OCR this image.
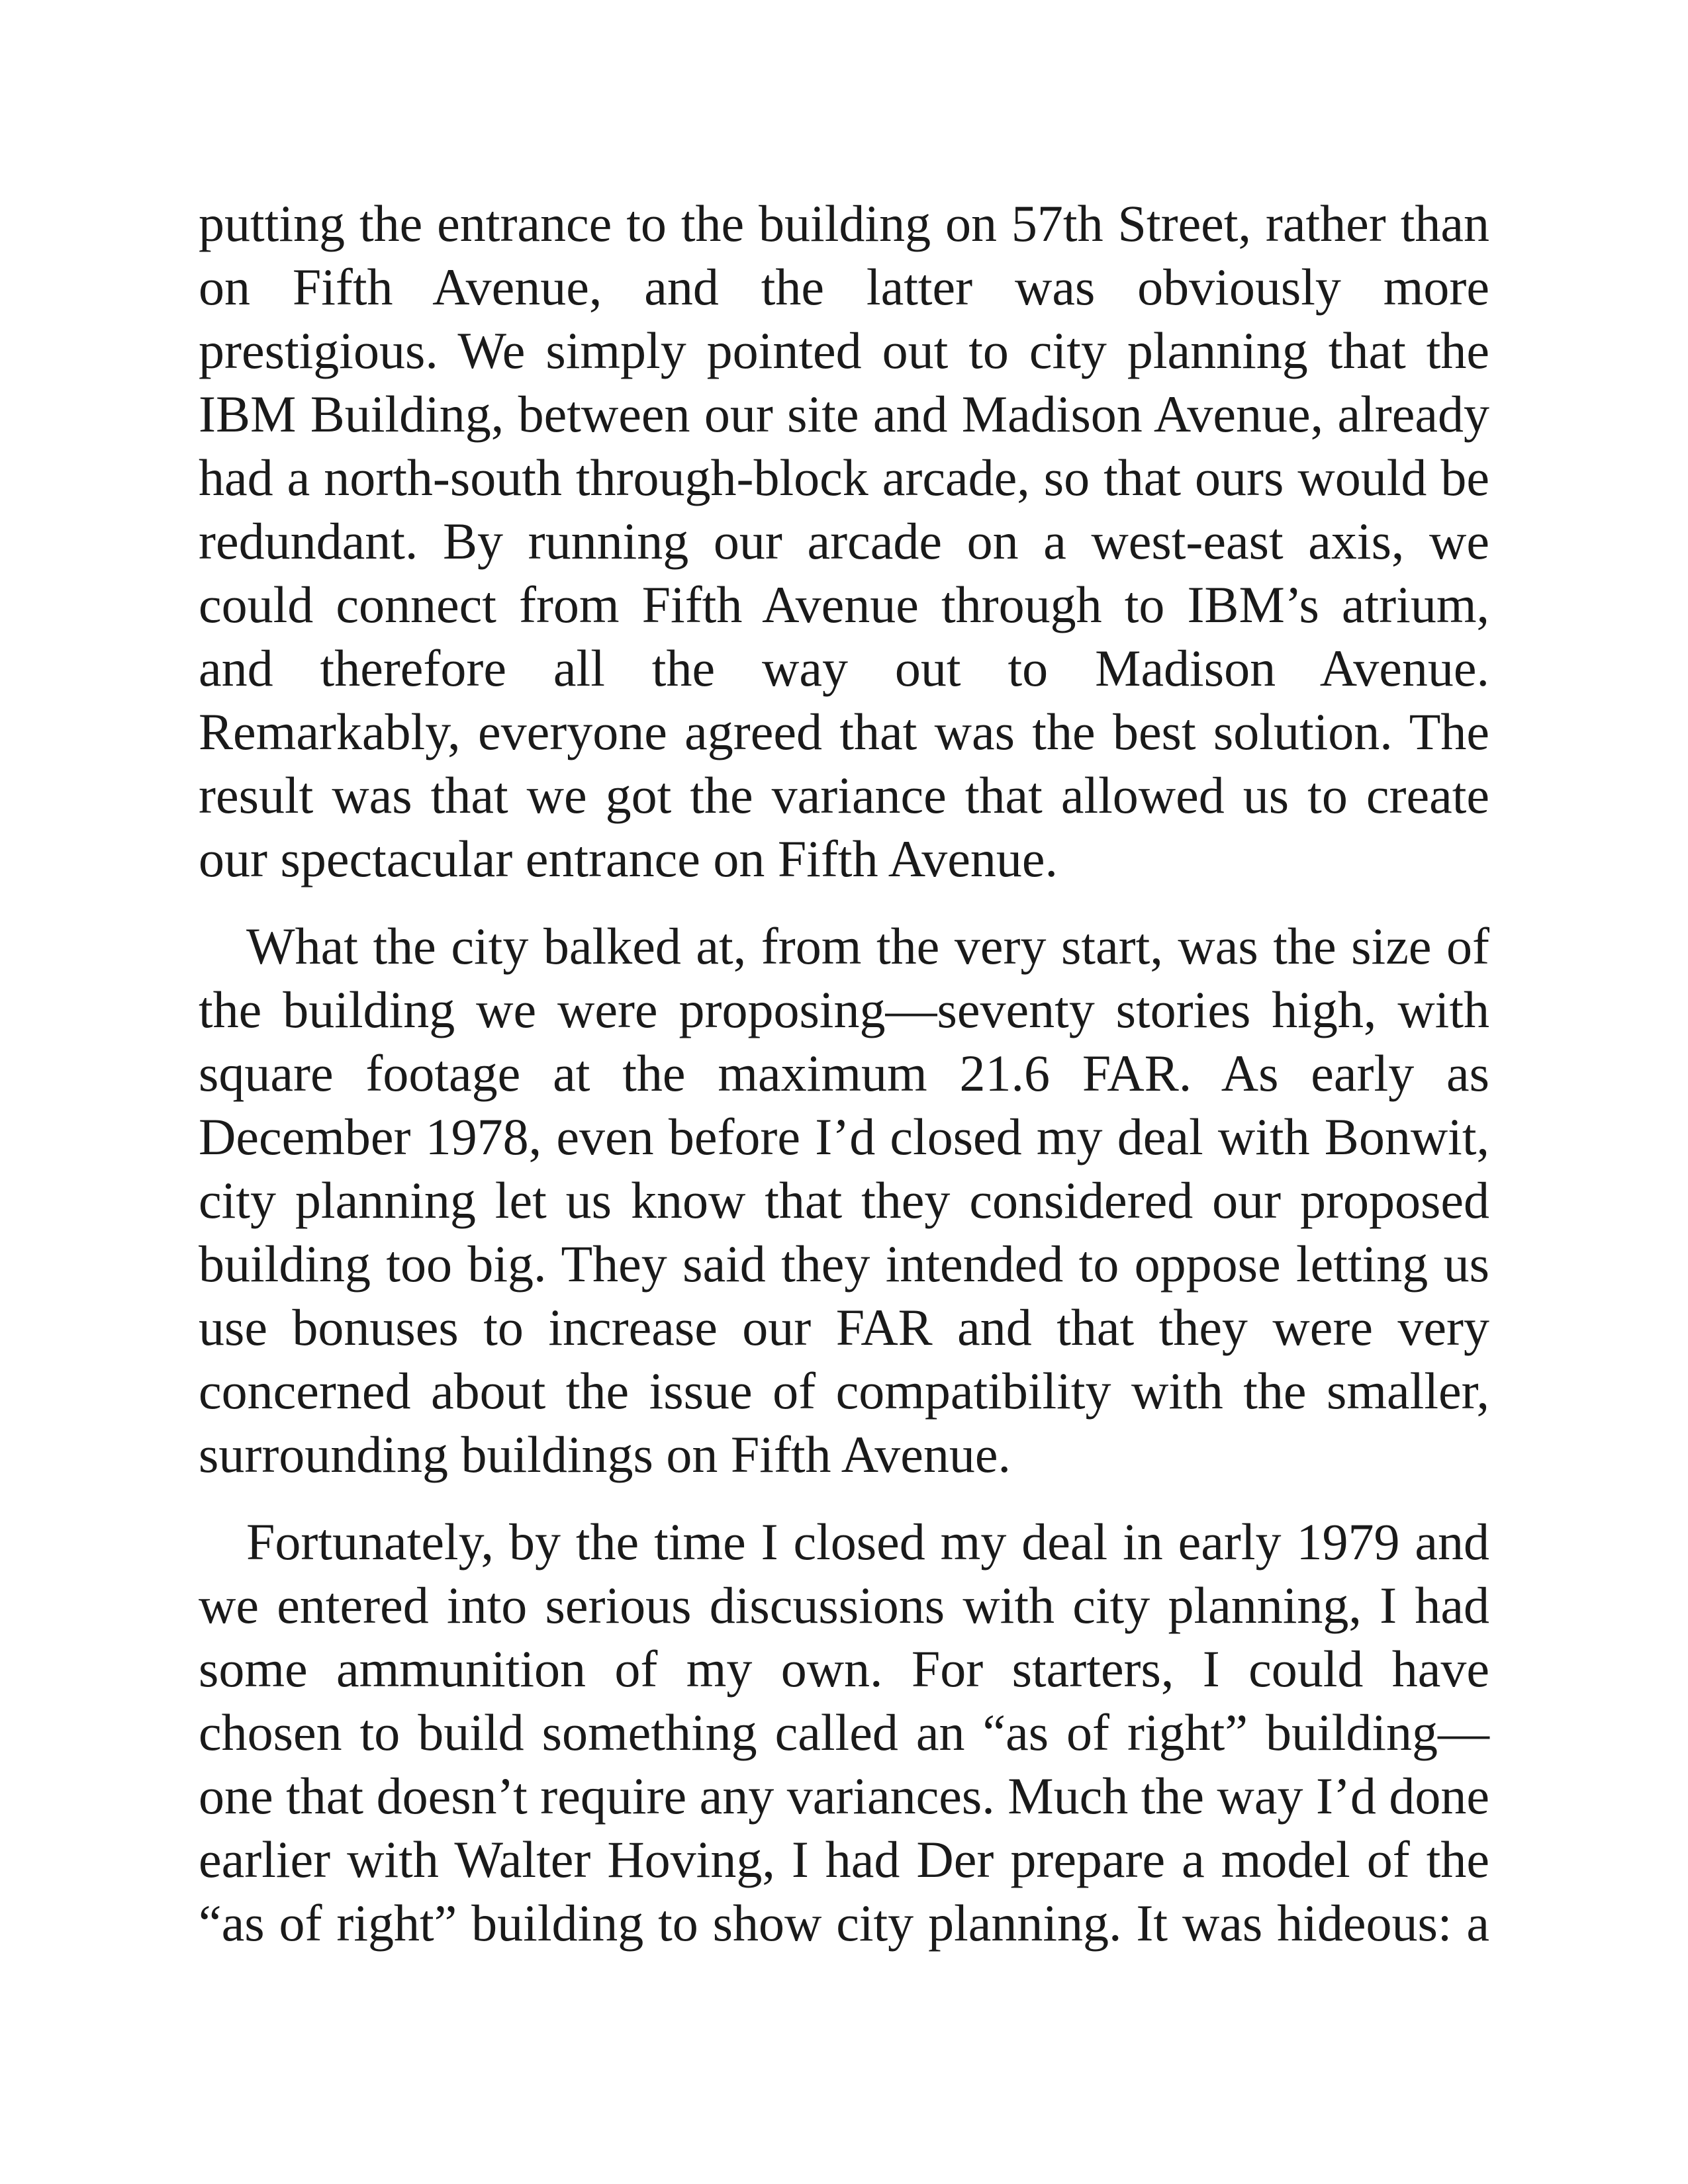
putting the entrance to the building on 57th Street, rather than
on Fifth Avenue, and the latter was obviously more
prestigious. We simply pointed out to city planning that the
IBM Building, between our site and Madison Avenue, already
had a north-south through-block arcade, so that ours would be
redundant. By running our arcade on a west-east axis, we
could connect from Fifth Avenue through to IBM’s atrium,
and therefore all the way out to Madison Avenue.
Remarkably, everyone agreed that was the best solution. The
result was that we got the variance that allowed us to create
our spectacular entrance on Fifth Avenue.

What the city balked at, from the very start, was the size of
the building we were proposing—seventy stories high, with
square footage at the maximum 21.6 FAR. As early as
December 1978, even before I’d closed my deal with Bonwit,
city planning let us know that they considered our proposed
building too big. They said they intended to oppose letting us
use bonuses to increase our FAR and that they were very
concerned about the issue of compatibility with the smaller,
surrounding buildings on Fifth Avenue.

Fortunately, by the time I closed my deal in early 1979 and
we entered into serious discussions with city planning, I had
some ammunition of my own. For starters, I could have
chosen to build something called an “as of right” building—
one that doesn’t require any variances. Much the way I’d done
earlier with Walter Hoving, I had Der prepare a model of the
“as of right” building to show city planning. It was hideous: a
